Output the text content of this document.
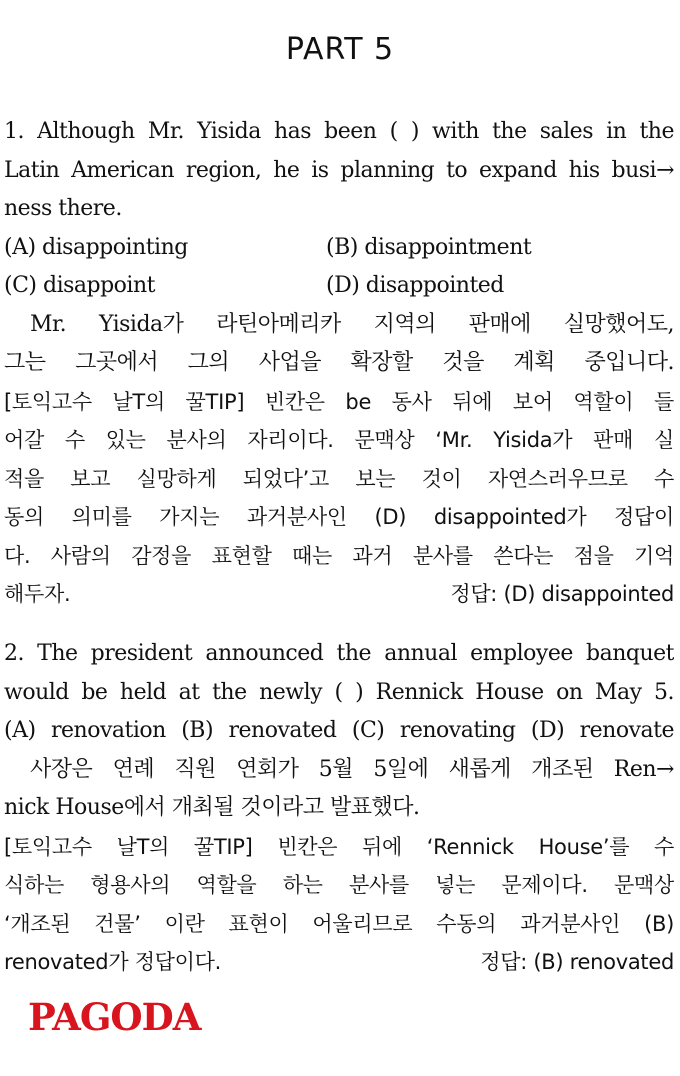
PART 5
1. Although Mr. Yisida has been ( ) with the sales in the
Latin American region, he is planning to expand his busi→
ness there.
(A) disappointing	(B) disappointment
(C) disappoint	(D) disappointed
Mr. Yisida가 라틴아메리카 지역의 판매에 실망했어도,
그는 그곳에서 그의 사업을 확장할 것을 계획 중입니다.
[토익고수 날T의 꿀TIP] 빈칸은 be 동사 뒤에 보어 역할이 들
어갈 수 있는 분사의 자리이다. 문맥상 ‘Mr. Yisida가 판매 실
적을 보고 실망하게 되었다’고 보는 것이 자연스러우므로 수
동의 의미를 가지는 과거분사인 (D) disappointed가 정답이
다. 사람의 감정을 표현할 때는 과거 분사를 쓴다는 점을 기억
해두자.	정답: (D) disappointed
2. The president announced the annual employee banquet
would be held at the newly ( ) Rennick House on May 5.
(A) renovation (B) renovated (C) renovating (D) renovate
사장은 연례 직원 연회가 5월 5일에 새롭게 개조된 Ren→
nick House에서 개최될 것이라고 발표했다.
[토익고수 날T의 꿀TIP] 빈칸은 뒤에 ‘Rennick House’를 수
식하는 형용사의 역할을 하는 분사를 넣는 문제이다. 문맥상
‘개조된 건물’ 이란 표현이 어울리므로 수동의 과거분사인 (B)
renovated가 정답이다.	정답: (B) renovated
PAGODA
